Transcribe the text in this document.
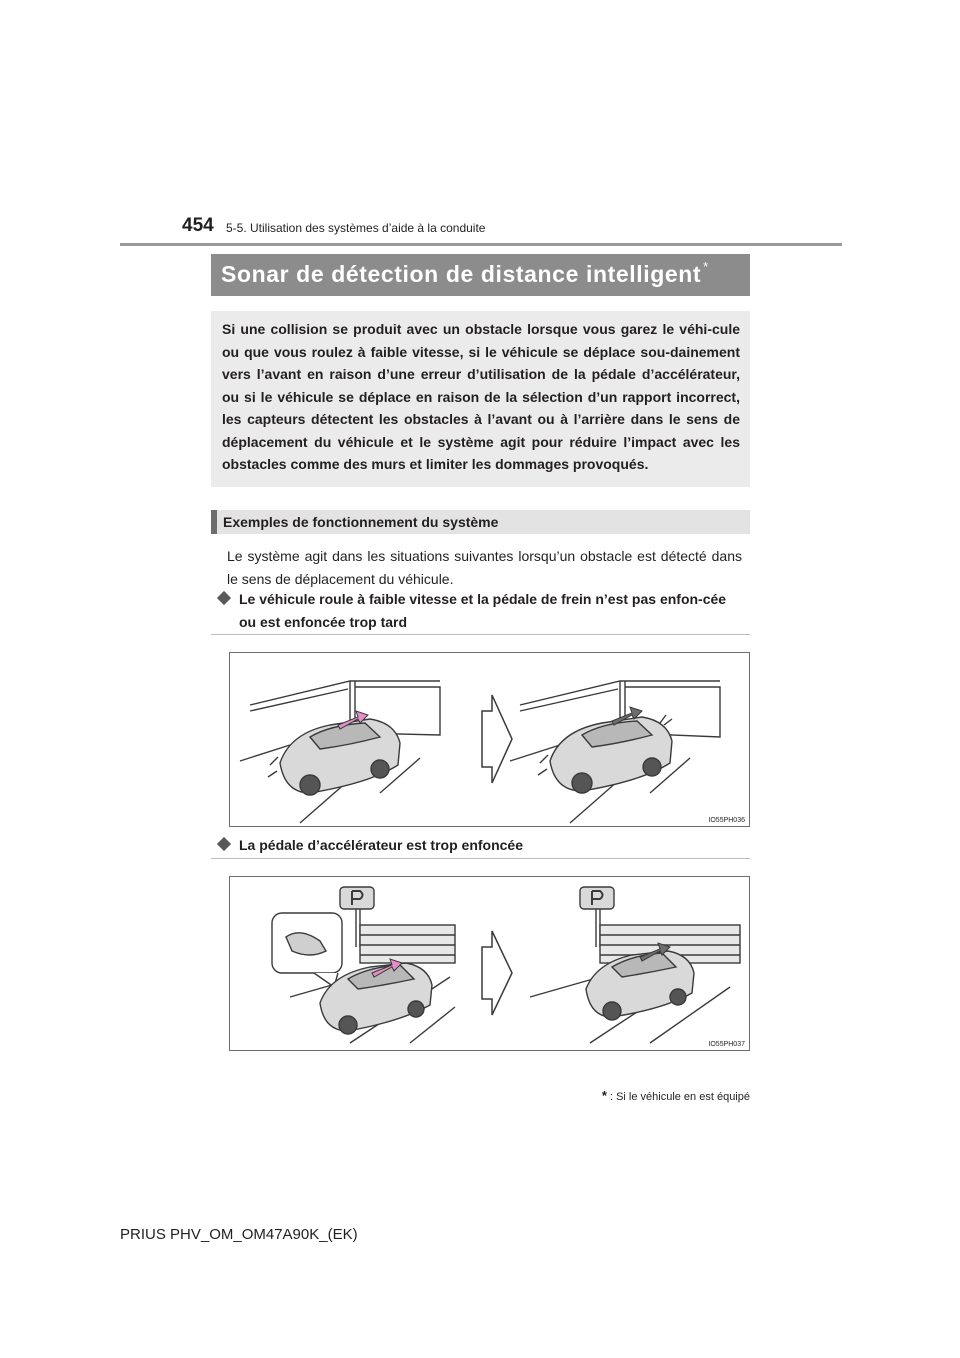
454 5-5. Utilisation des systèmes d’aide à la conduite
Sonar de détection de distance intelligent *
Si une collision se produit avec un obstacle lorsque vous garez le véhi-cule ou que vous roulez à faible vitesse, si le véhicule se déplace sou-dainement vers l’avant en raison d’une erreur d’utilisation de la pédale d’accélérateur, ou si le véhicule se déplace en raison de la sélection d’un rapport incorrect, les capteurs détectent les obstacles à l’avant ou à l’arrière dans le sens de déplacement du véhicule et le système agit pour réduire l’impact avec les obstacles comme des murs et limiter les dommages provoqués.
Exemples de fonctionnement du système
Le système agit dans les situations suivantes lorsqu’un obstacle est détecté dans le sens de déplacement du véhicule.
Le véhicule roule à faible vitesse et la pédale de frein n’est pas enfon-cée ou est enfoncée trop tard
IO55PH036
La pédale d’accélérateur est trop enfoncée
IO55PH037
* : Si le véhicule en est équipé
PRIUS PHV_OM_OM47A90K_(EK)
